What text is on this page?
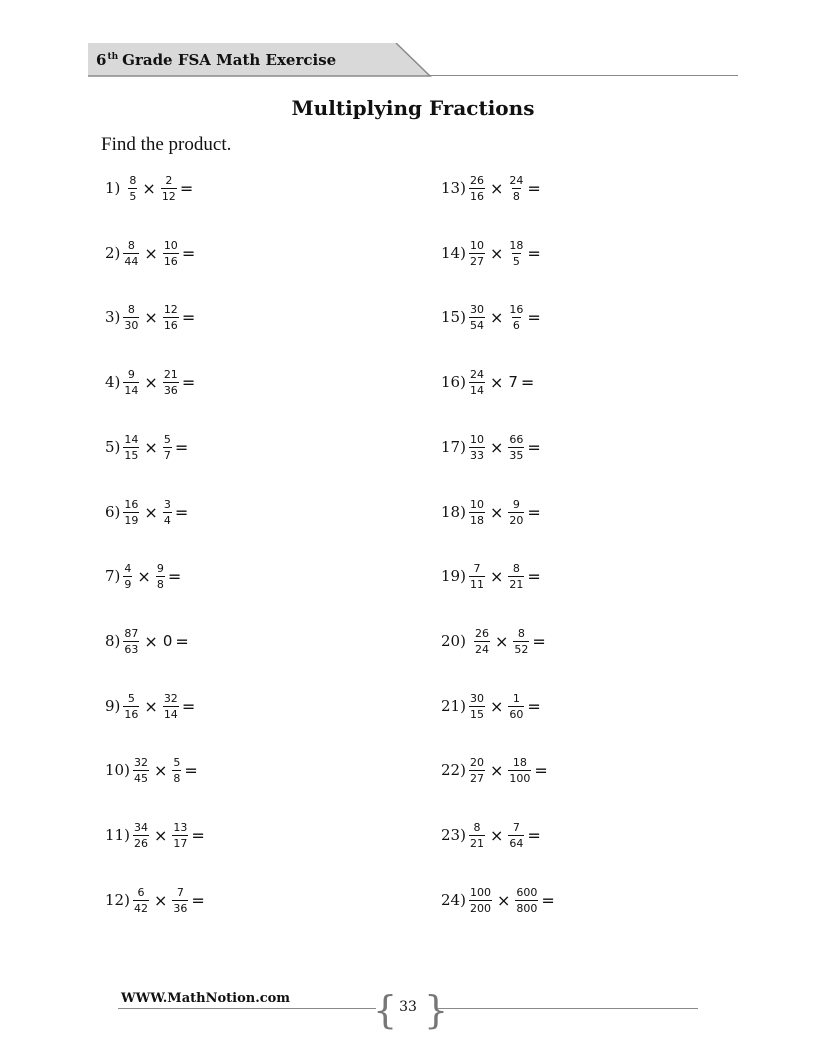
6th Grade FSA Math Exercise
Multiplying Fractions
Find the product.
$1) \frac{8}{5} \times \frac{2}{12}$ =
$2) \frac{8}{44} \times \frac{10}{16}$ =
$3) \frac{8}{30} \times \frac{12}{16}$ =
$4) \frac{9}{14} \times \frac{21}{36}$ =
$5) \frac{14}{15} \times \frac{5}{7}$ =
$6) \frac{16}{19} \times \frac{3}{4}$ =
$7) \frac{4}{9} \times \frac{9}{8}$ =
$8) \frac{87}{63} \times 0$ =
$9) \frac{5}{16} \times \frac{32}{14}$ =
$10) \frac{32}{45} \times \frac{5}{8}$ =
$11) \frac{34}{26} \times \frac{13}{17}$ =
$12) \frac{6}{42} \times \frac{7}{36}$ =
$13) \frac{26}{16} \times \frac{24}{8}$ =
$14) \frac{10}{27} \times \frac{18}{5}$ =
$15) \frac{30}{54} \times \frac{16}{6}$ =
$16) \frac{24}{14} \times 7$ =
$17) \frac{10}{33} \times \frac{66}{35}$ =
$18) \frac{10}{18} \times \frac{9}{20}$ =
$19) \frac{7}{11} \times \frac{8}{21}$ =
$20) \frac{26}{24} \times \frac{8}{52}$ =
$21) \frac{30}{15} \times \frac{1}{60}$ =
$22) \frac{20}{27} \times \frac{18}{100}$ =
$23) \frac{8}{21} \times \frac{7}{64}$ =
$24) \frac{100}{200} \times \frac{600}{800}$ =
WWW.MathNotion.com { }
33
